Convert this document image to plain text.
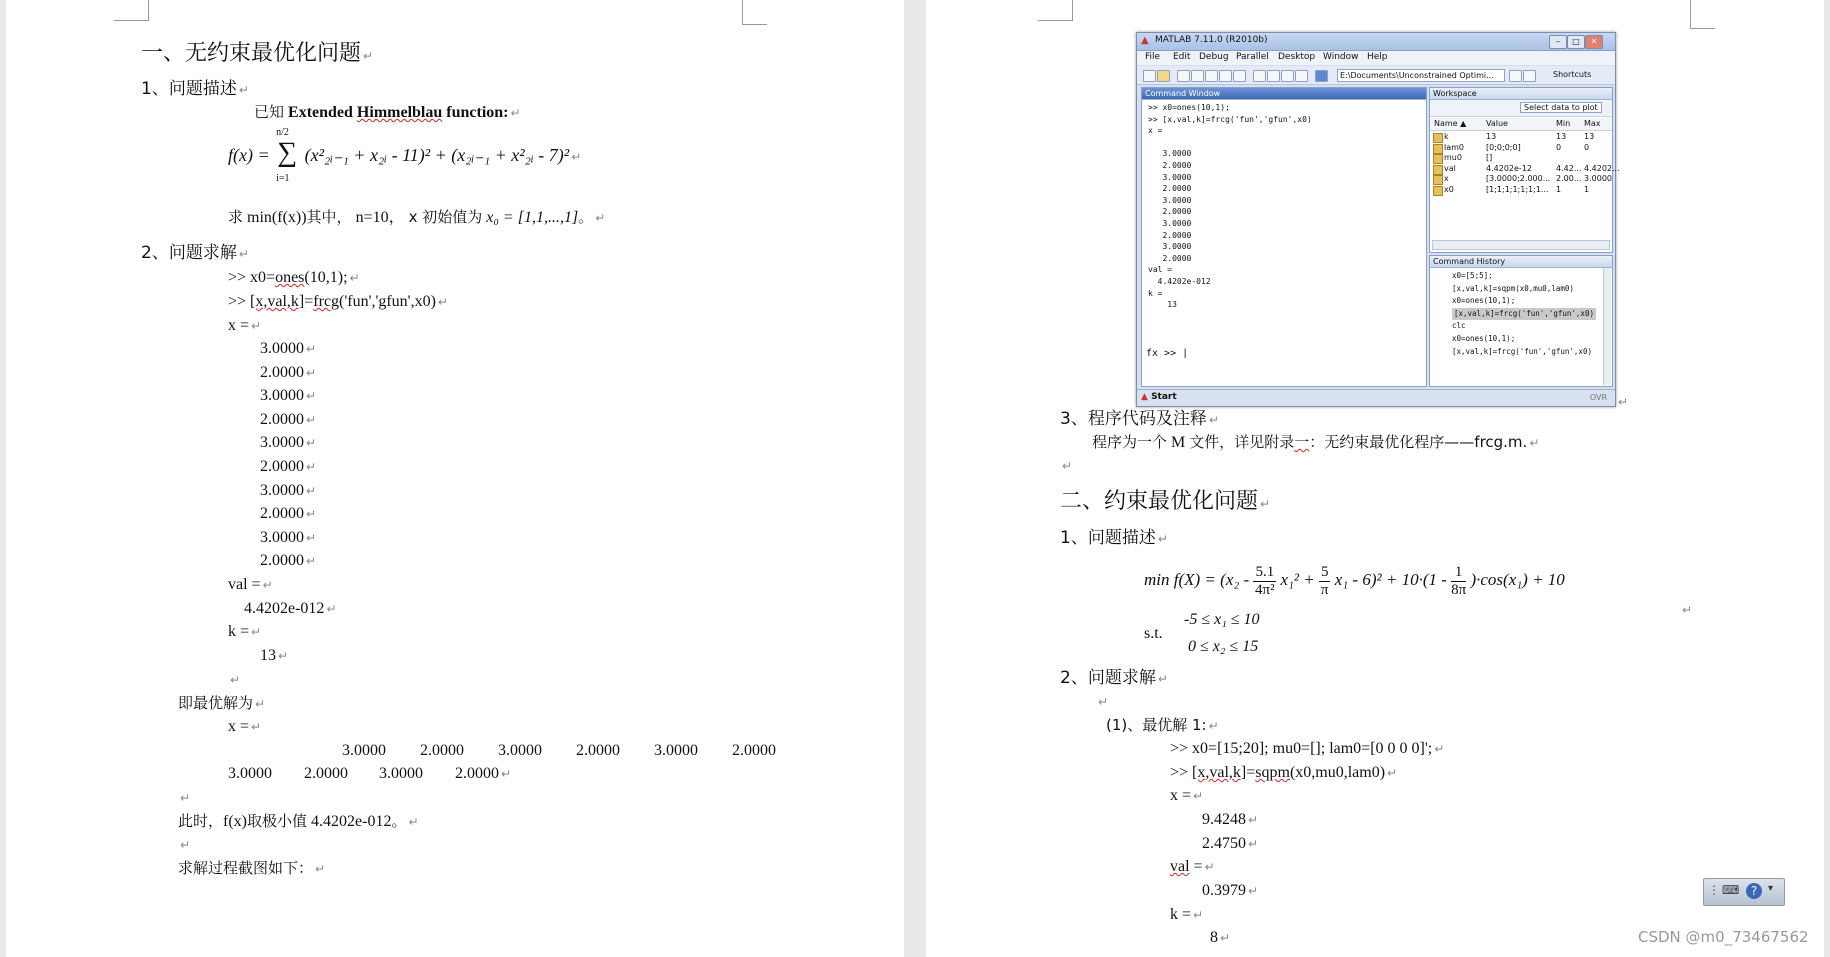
一、无约束最优化问题 ↵
1、问题描述 ↵
已知 Extended Himmelblau function: ↵
f(x) =
n/2
∑
i=1
(x²₂ᵢ₋₁ + x₂ᵢ - 11)² + (x₂ᵢ₋₁ + x²₂ᵢ - 7)² ↵
求 min(f(x))其中， n=10， x 初始值为 x₀ = [1,1,...,1]。 ↵
2、问题求解 ↵
>> x0=ones(10,1); ↵
>> [x,val,k]=frcg('fun','gfun',x0) ↵
x = ↵
3.0000 ↵
2.0000 ↵
3.0000 ↵
2.0000 ↵
3.0000 ↵
2.0000 ↵
3.0000 ↵
2.0000 ↵
3.0000 ↵
2.0000 ↵
val = ↵
4.4202e-012 ↵
k = ↵
13 ↵
↵
即最优解为 ↵
x = ↵
3.0000 2.0000 3.0000 2.0000 3.0000 2.0000
3.0000 2.0000 3.0000 2.0000 ↵
↵
此时，f(x)取极小值 4.4202e-012。 ↵
↵
求解过程截图如下： ↵
▲ MATLAB 7.11.0 (R2010b)	–	□	✕
File Edit Debug Parallel Desktop Window Help
E:\Documents\Unconstrained Optimi...	Shortcuts
Command Window
>> x0=ones(10,1);
>> [x,val,k]=frcg('fun','gfun',x0)
x =
3.0000
2.0000
3.0000
2.0000
3.0000
2.0000
3.0000
2.0000
3.0000
2.0000
val =
4.4202e-012
k =
13
fx >> |
Workspace
Select data to plot
Name ▲ Value	Min Max
k	13	13 13
lam0	[0;0;0;0]	0	0
mu0	[]
val	4.4202e-12	4.42... 4.4202...
x	[3.0000;2.000... 2.00... 3.0000
x0	[1;1;1;1;1;1;1... 1	1
Command History
x0=[5;5];
[x,val,k]=sqpm(x0,mu0,lam0)
x0=ones(10,1);
[x,val,k]=frcg('fun','gfun',x0)
clc
x0=ones(10,1);
[x,val,k]=frcg('fun','gfun',x0)
▲ Start	OVR ↵
3、程序代码及注释 ↵
程序为一个 M 文件，详见附录一：无约束最优化程序——frcg.m. ↵
↵
二、约束最优化问题 ↵
1、问题描述 ↵
$\min f(X) = (x_2 - \frac{5.1}{\text{4π²}} x_1^2 + \frac{5}{\pi} x_1 - 6)^2 + 10\cdot(1 - \frac{1}{8\pi} )\cdot\cos(x_1) + 10$
↵
s.t.
-5 ≤ x₁ ≤ 10
0 ≤ x₂ ≤ 15
2、问题求解 ↵
↵
(1)、最优解 1: ↵
>> x0=[15;20]; mu0=[]; lam0=[0 0 0 0]'; ↵
>> [x,val,k]=sqpm(x0,mu0,lam0) ↵
x = ↵
9.4248 ↵
2.4750 ↵
val = ↵
0.3979 ↵
k = ↵
8 ↵
⋮ ⌨ ?	▾
CSDN @m0_73467562
